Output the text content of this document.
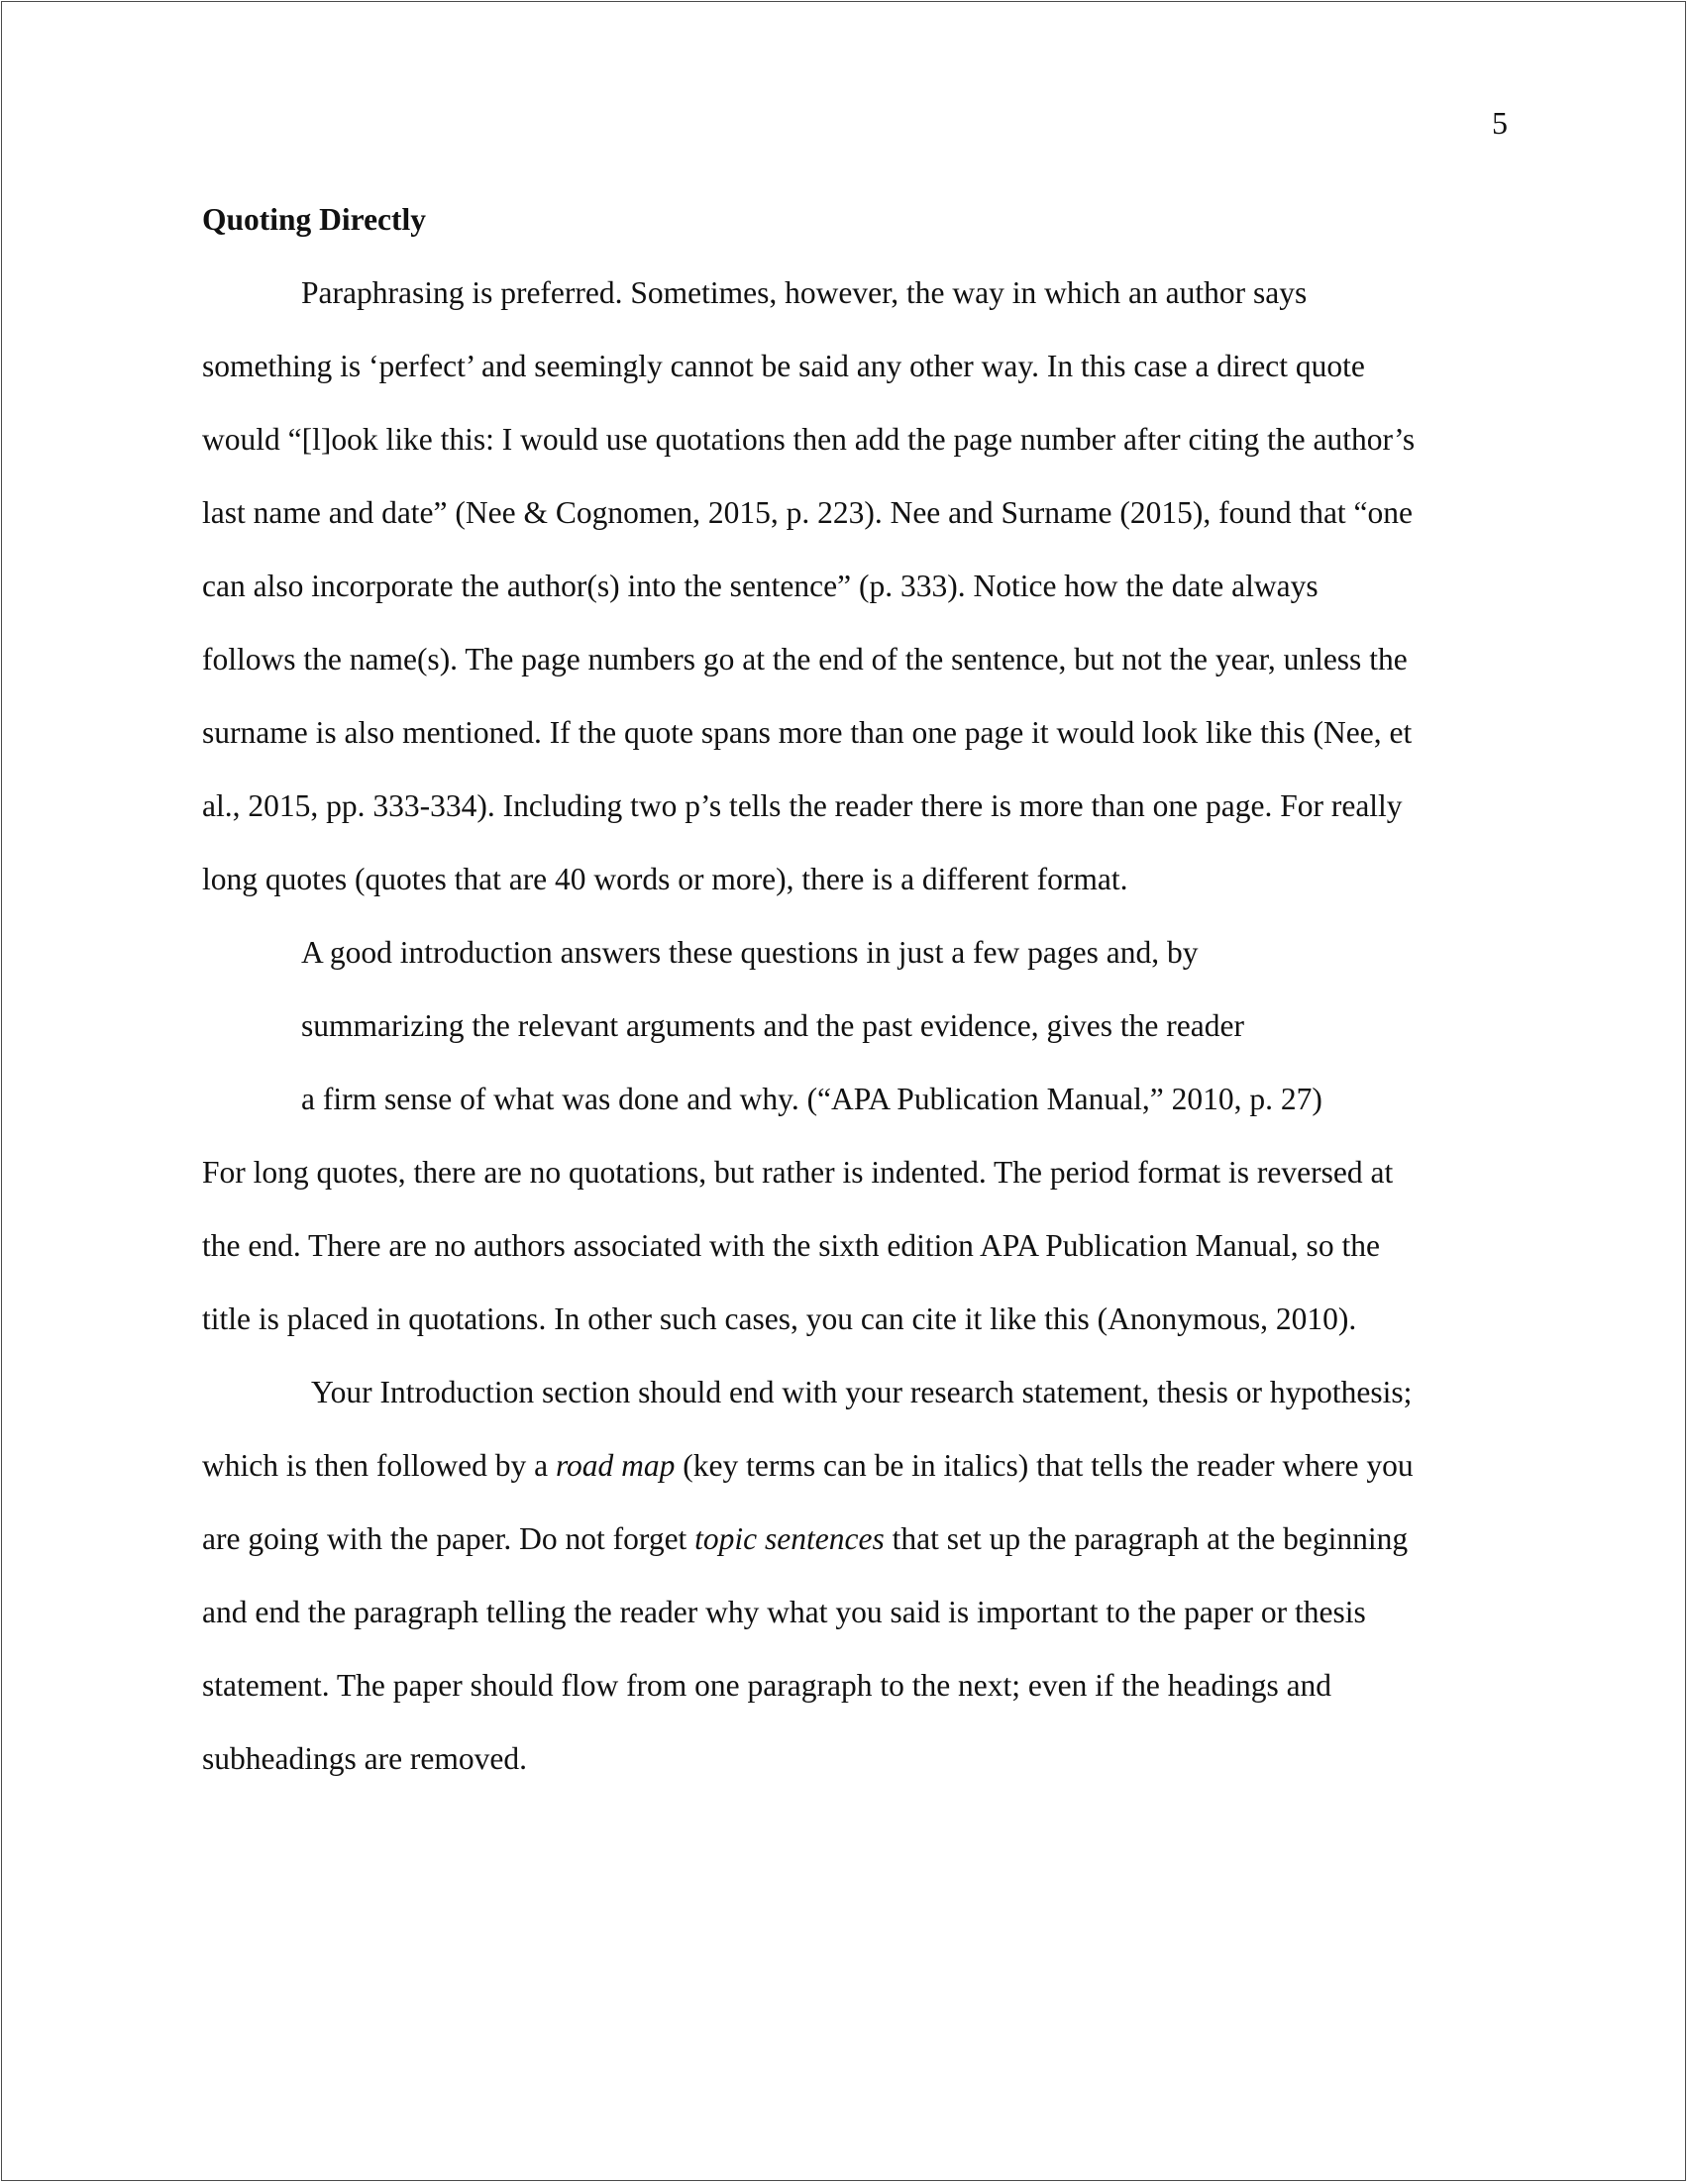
5
Quoting Directly
Paraphrasing is preferred. Sometimes, however, the way in which an author says
something is ‘perfect’ and seemingly cannot be said any other way. In this case a direct quote
would “[l]ook like this: I would use quotations then add the page number after citing the author’s
last name and date” (Nee & Cognomen, 2015, p. 223). Nee and Surname (2015), found that “one
can also incorporate the author(s) into the sentence” (p. 333). Notice how the date always
follows the name(s). The page numbers go at the end of the sentence, but not the year, unless the
surname is also mentioned. If the quote spans more than one page it would look like this (Nee, et
al., 2015, pp. 333-334). Including two p’s tells the reader there is more than one page. For really
long quotes (quotes that are 40 words or more), there is a different format.
A good introduction answers these questions in just a few pages and, by
summarizing the relevant arguments and the past evidence, gives the reader
a firm sense of what was done and why. (“APA Publication Manual,” 2010, p. 27)
For long quotes, there are no quotations, but rather is indented. The period format is reversed at
the end. There are no authors associated with the sixth edition APA Publication Manual, so the
title is placed in quotations. In other such cases, you can cite it like this (Anonymous, 2010).
Your Introduction section should end with your research statement, thesis or hypothesis;
which is then followed by a road map (key terms can be in italics) that tells the reader where you
are going with the paper. Do not forget topic sentences that set up the paragraph at the beginning
and end the paragraph telling the reader why what you said is important to the paper or thesis
statement. The paper should flow from one paragraph to the next; even if the headings and
subheadings are removed.
